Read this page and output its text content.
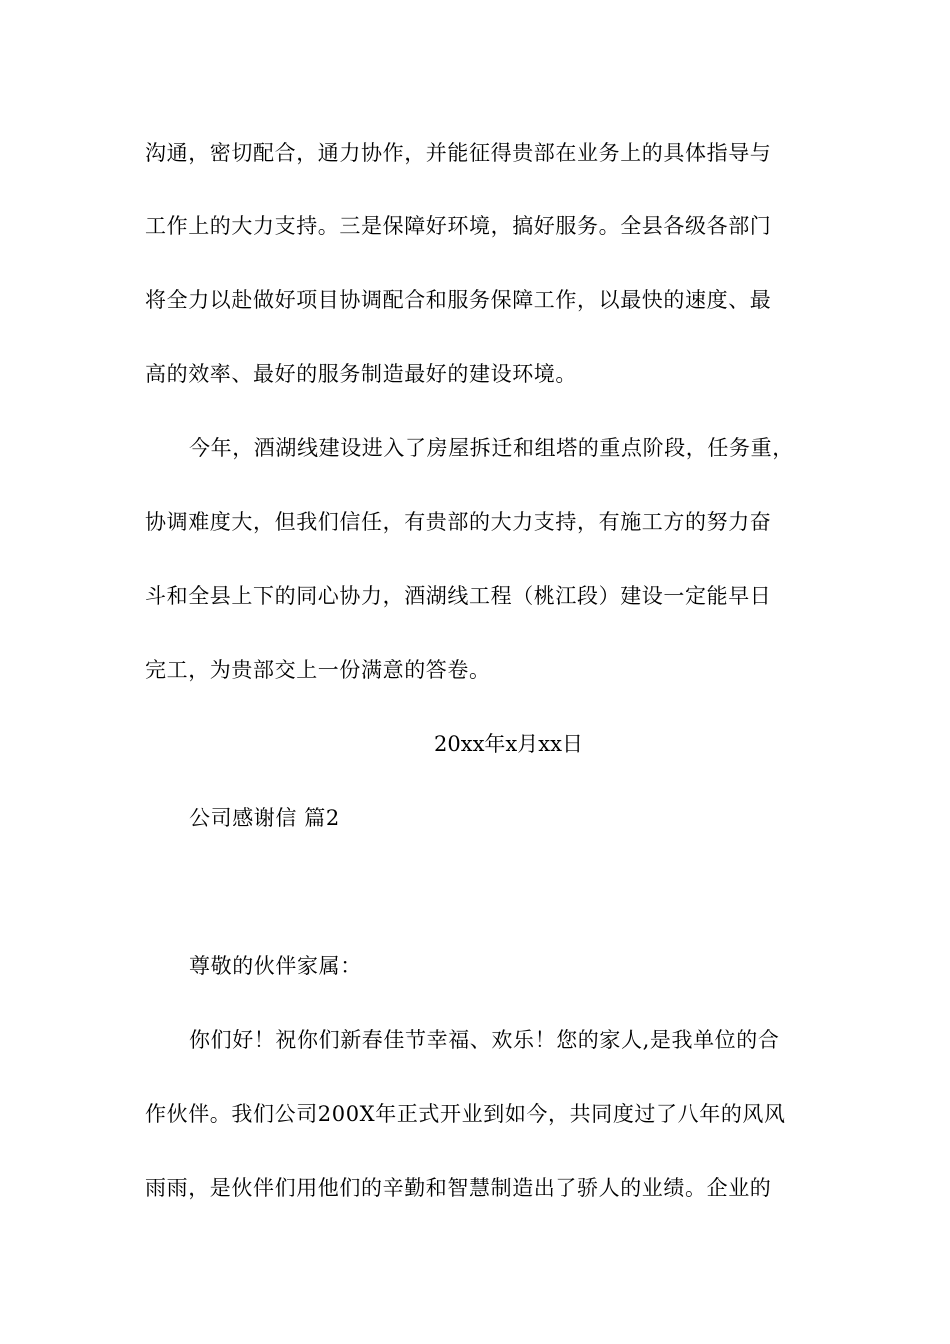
沟通，密切配合，通力协作，并能征得贵部在业务上的具体指导与
工作上的大力支持。三是保障好环境，搞好服务。全县各级各部门
将全力以赴做好项目协调配合和服务保障工作，以最快的速度、最
高的效率、最好的服务制造最好的建设环境。
今年，酒湖线建设进入了房屋拆迁和组塔的重点阶段，任务重，
协调难度大，但我们信任，有贵部的大力支持，有施工方的努力奋
斗和全县上下的同心协力，酒湖线工程（桃江段）建设一定能早日
完工，为贵部交上一份满意的答卷。
20xx年x月xx日
公司感谢信 篇2
尊敬的伙伴家属：
你们好！祝你们新春佳节幸福、欢乐！您的家人,是我单位的合
作伙伴。我们公司200X年正式开业到如今，共同度过了八年的风风
雨雨，是伙伴们用他们的辛勤和智慧制造出了骄人的业绩。企业的
